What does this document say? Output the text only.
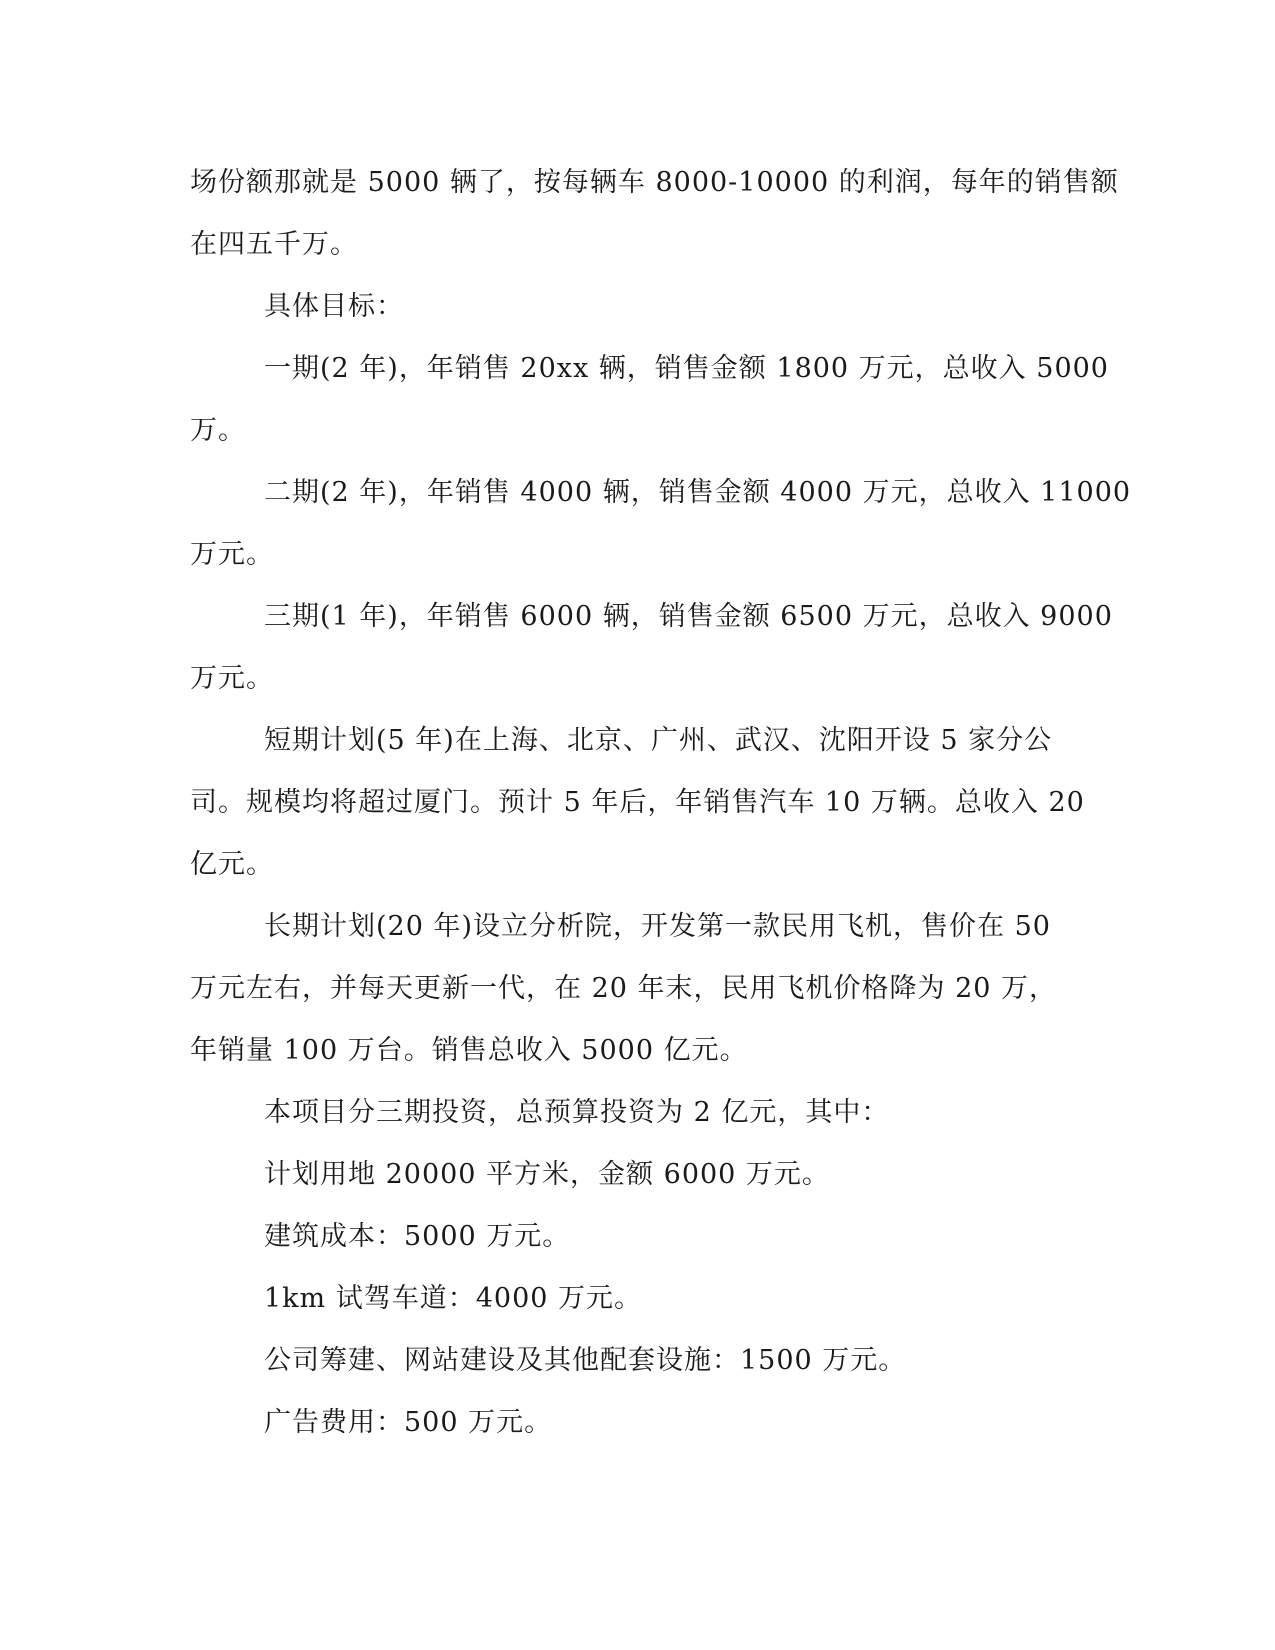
场份额那就是 5000 辆了，按每辆车 8000-10000 的利润，每年的销售额
在四五千万。
具体目标：
一期(2 年)，年销售 20xx 辆，销售金额 1800 万元，总收入 5000
万。
二期(2 年)，年销售 4000 辆，销售金额 4000 万元，总收入 11000
万元。
三期(1 年)，年销售 6000 辆，销售金额 6500 万元，总收入 9000
万元。
短期计划(5 年)在上海、北京、广州、武汉、沈阳开设 5 家分公
司。规模均将超过厦门。预计 5 年后，年销售汽车 10 万辆。总收入 20
亿元。
长期计划(20 年)设立分析院，开发第一款民用飞机，售价在 50
万元左右，并每天更新一代，在 20 年末，民用飞机价格降为 20 万，
年销量 100 万台。销售总收入 5000 亿元。
本项目分三期投资，总预算投资为 2 亿元，其中：
计划用地 20000 平方米，金额 6000 万元。
建筑成本：5000 万元。
1km 试驾车道：4000 万元。
公司筹建、网站建设及其他配套设施：1500 万元。
广告费用：500 万元。
